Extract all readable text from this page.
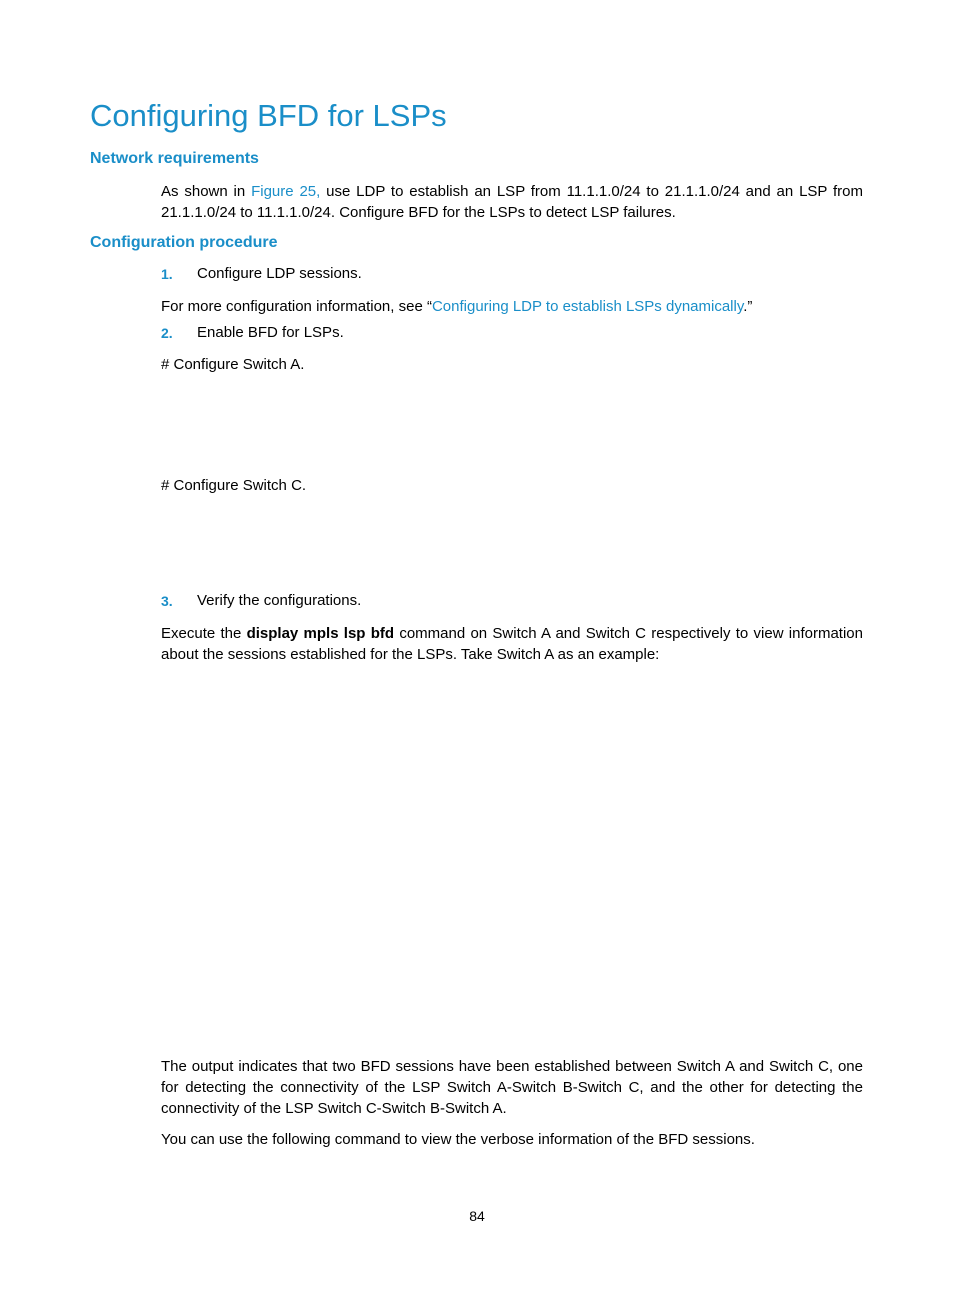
Configuring BFD for LSPs
Network requirements

As shown in Figure 25, use LDP to establish an LSP from 11.1.1.0/24 to 21.1.1.0/24 and an LSP from 21.1.1.0/24 to 11.1.1.0/24. Configure BFD for the LSPs to detect LSP failures.

Configuration procedure
1. Configure LDP sessions.

For more configuration information, see “Configuring LDP to establish LSPs dynamically.”

2. Enable BFD for LSPs.

# Configure Switch A.

# Configure Switch C.

3. Verify the configurations.

Execute the display mpls lsp bfd command on Switch A and Switch C respectively to view information about the sessions established for the LSPs. Take Switch A as an example:

The output indicates that two BFD sessions have been established between Switch A and Switch C, one for detecting the connectivity of the LSP Switch A-Switch B-Switch C, and the other for detecting the connectivity of the LSP Switch C-Switch B-Switch A.

You can use the following command to view the verbose information of the BFD sessions.

84
